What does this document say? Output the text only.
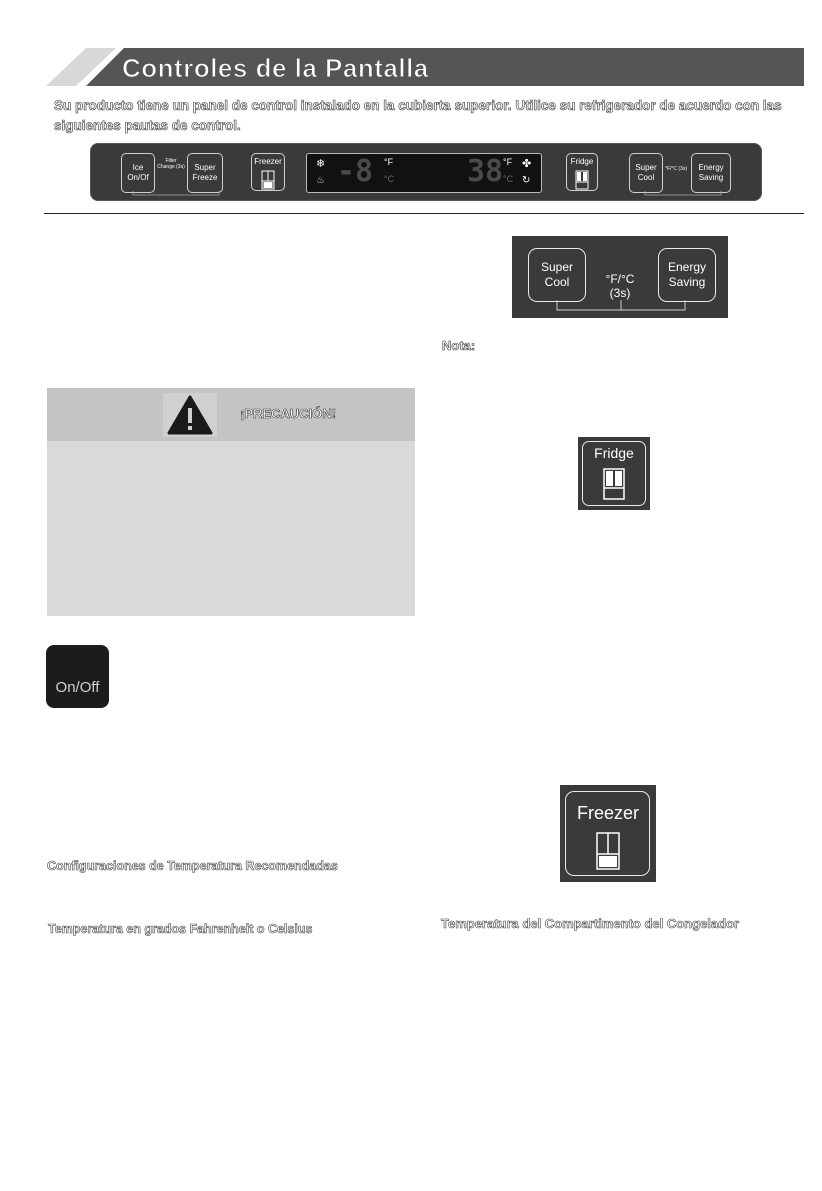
Controles de la Pantalla
Su producto tiene un panel de control instalado en la cubierta superior. Utilice su refrigerador de acuerdo con las siguientes pautas de control.
Ice On/Of
Filter Change (3s)	Super Freeze
Freezer	❄
♨ -8 °F
°C 38 °F
°C
✤
↻
Fridge
Super Cool
°F/°C (3s)	Energy Saving
Super Cool	°F/°C (3s)
Energy Saving
Nota:
¡PRECAUCIÓN!
Fridge
On/Off
Freezer
Configuraciones de Temperatura Recomendadas
Temperatura en grados Fahrenheit o Celsius	Temperatura del Compartimento del Congelador
